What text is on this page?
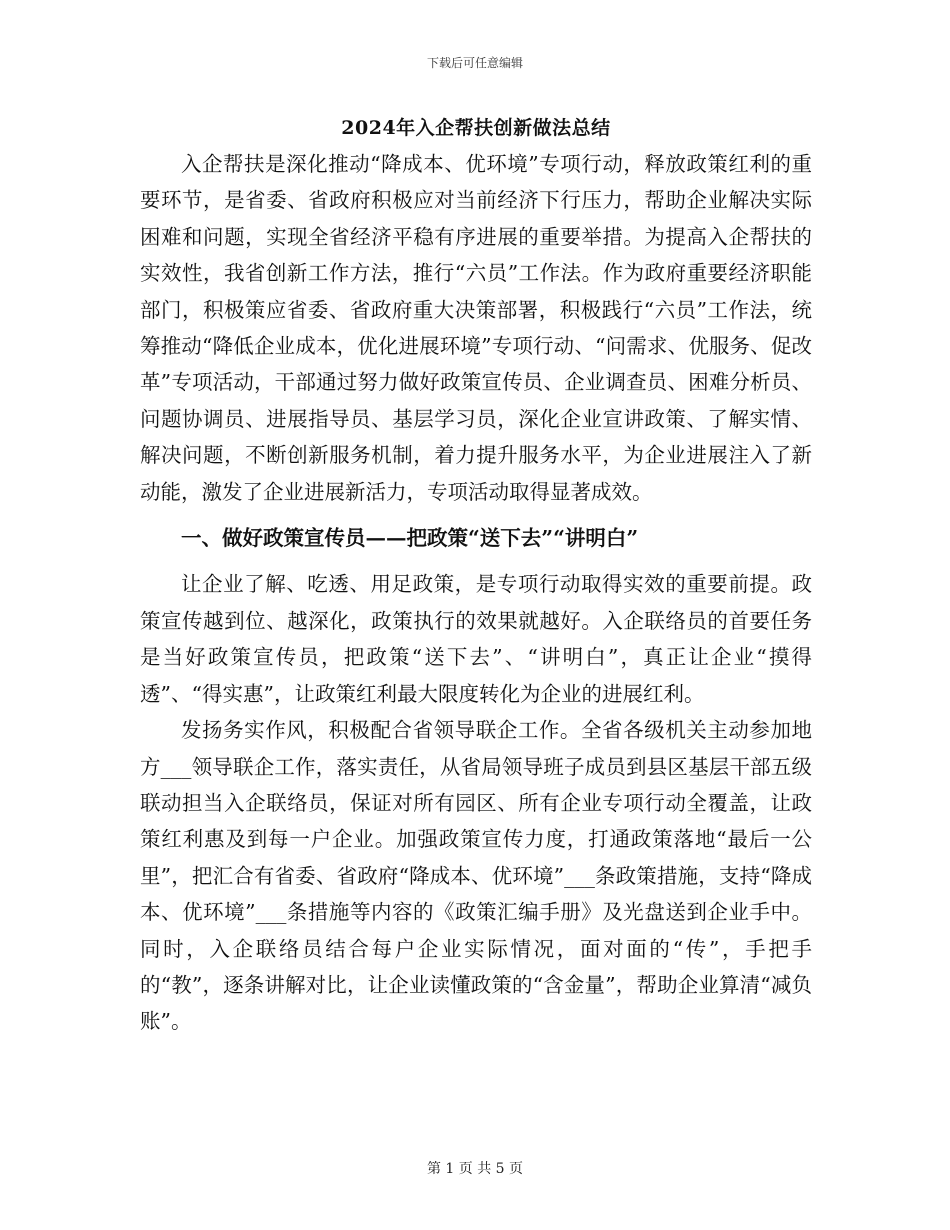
下载后可任意编辑
2024年入企帮扶创新做法总结

入企帮扶是深化推动“降成本、优环境”专项行动，释放政策红利的重要环节，是省委、省政府积极应对当前经济下行压力，帮助企业解决实际困难和问题，实现全省经济平稳有序进展的重要举措。为提高入企帮扶的实效性，我省创新工作方法，推行“六员”工作法。作为政府重要经济职能部门，积极策应省委、省政府重大决策部署，积极践行“六员”工作法，统筹推动“降低企业成本，优化进展环境”专项行动、“问需求、优服务、促改革”专项活动，干部通过努力做好政策宣传员、企业调查员、困难分析员、问题协调员、进展指导员、基层学习员，深化企业宣讲政策、了解实情、解决问题，不断创新服务机制，着力提升服务水平，为企业进展注入了新动能，激发了企业进展新活力，专项活动取得显著成效。

一、做好政策宣传员——把政策“送下去”“讲明白”

让企业了解、吃透、用足政策，是专项行动取得实效的重要前提。政策宣传越到位、越深化，政策执行的效果就越好。入企联络员的首要任务是当好政策宣传员，把政策“送下去”、“讲明白”，真正让企业“摸得透”、“得实惠”，让政策红利最大限度转化为企业的进展红利。

发扬务实作风，积极配合省领导联企工作。全省各级机关主动参加地方___领导联企工作，落实责任，从省局领导班子成员到县区基层干部五级联动担当入企联络员，保证对所有园区、所有企业专项行动全覆盖，让政策红利惠及到每一户企业。加强政策宣传力度，打通政策落地“最后一公里”，把汇合有省委、省政府“降成本、优环境”___条政策措施，支持“降成本、优环境”___条措施等内容的《政策汇编手册》及光盘送到企业手中。同时，入企联络员结合每户企业实际情况，面对面的“传”，手把手的“教”，逐条讲解对比，让企业读懂政策的“含金量”，帮助企业算清“减负账”。

第 1 页 共 5 页
